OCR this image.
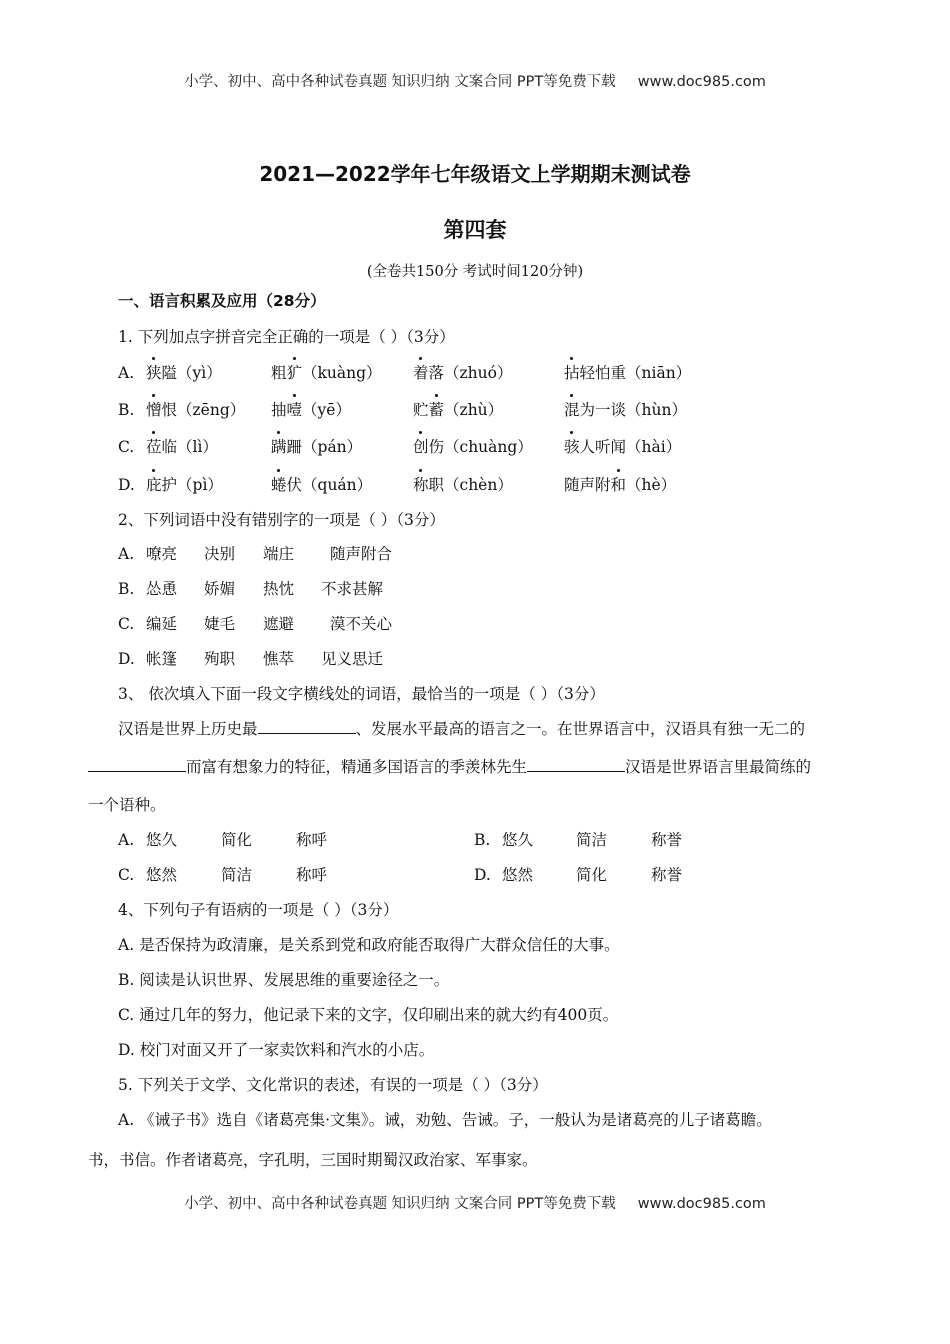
小学、初中、高中各种试卷真题 知识归纳 文案合同 PPT等免费下载 www.doc985.com
2021—2022学年七年级语文上学期期末测试卷
第四套
(全卷共150分 考试时间120分钟)
一、语言积累及应用（28分）
1. 下列加点字拼音完全正确的一项是（ ）（3分）
A. 狭隘（yì）	粗犷（kuàng） 着落（zhuó）	拈轻怕重（niān）
B. 憎恨（zēng） 抽噎（yē）	贮蓄（zhù）	混为一谈（hùn）
C. 莅临（lì）	蹒跚（pán）	创伤（chuàng） 骇人听闻（hài）
D. 庇护（pì）	蜷伏（quán）	称职（chèn）	随声附和（hè）
2、下列词语中没有错别字的一项是（ ）（3分）
A. 嘹亮 决别 端庄 随声附合
B. 怂恿 娇媚 热忱 不求甚解
C. 编延 婕毛 遮避 漠不关心
D. 帐篷 殉职 憔萃 见义思迁
3、 依次填入下面一段文字横线处的词语，最恰当的一项是（ ）（3分）
汉语是世界上历史最	、发展水平最高的语言之一。在世界语言中，汉语具有独一无二的
而富有想象力的特征，精通多国语言的季羡林先生	汉语是世界语言里最简练的
一个语种。
A. 悠久	简化	称呼	B. 悠久	简洁	称誉
C. 悠然	简洁	称呼	D. 悠然	简化	称誉
4、下列句子有语病的一项是（ ）（3分）
A. 是否保持为政清廉，是关系到党和政府能否取得广大群众信任的大事。
B. 阅读是认识世界、发展思维的重要途径之一。
C. 通过几年的努力，他记录下来的文字，仅印刷出来的就大约有400页。
D. 校门对面又开了一家卖饮料和汽水的小店。
5. 下列关于文学、文化常识的表述，有误的一项是（ ）（3分）
A. 《诫子书》选自《诸葛亮集·文集》。诫，劝勉、告诫。子，一般认为是诸葛亮的儿子诸葛瞻。
书，书信。作者诸葛亮，字孔明，三国时期蜀汉政治家、军事家。
小学、初中、高中各种试卷真题 知识归纳 文案合同 PPT等免费下载 www.doc985.com
